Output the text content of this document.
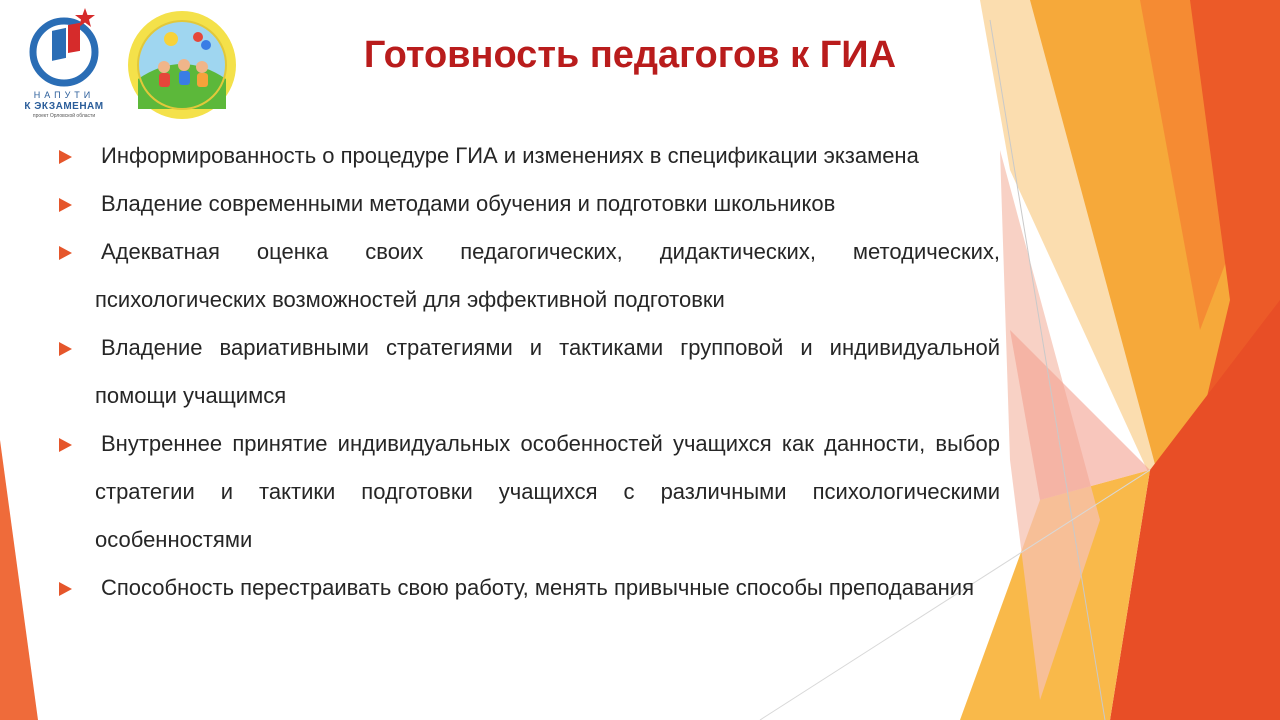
НАПУТИ
К ЭКЗАМЕНАМ
проект Орловской области
Готовность педагогов к ГИА
Информированность о процедуре ГИА и изменениях в спецификации экзамена
Владение современными методами обучения и подготовки школьников
Адекватная оценка своих педагогических, дидактических, методических, психологических возможностей для эффективной подготовки
Владение вариативными стратегиями и тактиками групповой и индивидуальной помощи учащимся
Внутреннее принятие индивидуальных особенностей учащихся как данности, выбор стратегии и тактики подготовки учащихся с различными психологическими особенностями
Способность перестраивать свою работу, менять привычные способы преподавания
